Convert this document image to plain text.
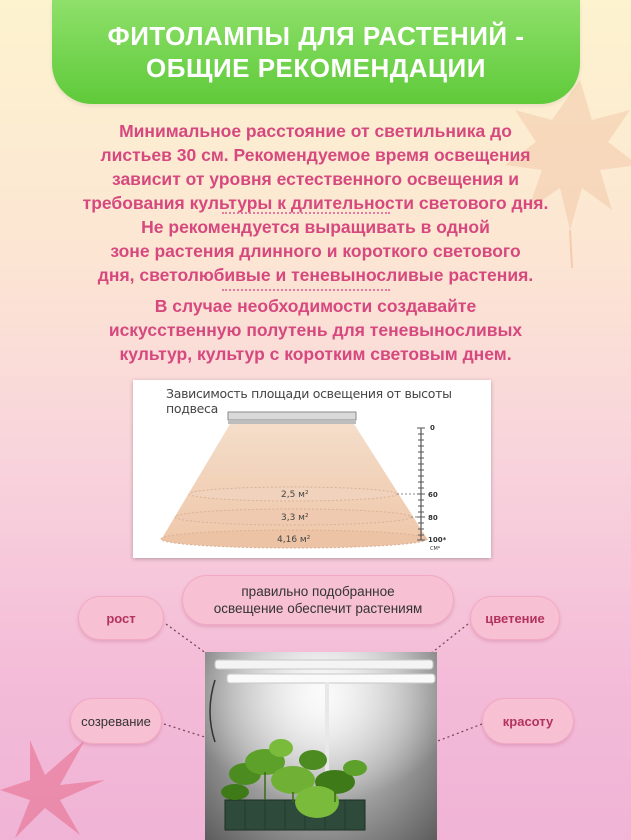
ФИТОЛАМПЫ ДЛЯ РАСТЕНИЙ -
ОБЩИЕ РЕКОМЕНДАЦИИ
Минимальное расстояние от светильника до
листьев 30 см. Рекомендуемое время освещения
зависит от уровня естественного освещения и
требования культуры к длительности светового дня.
Не рекомендуется выращивать в одной
зоне растения длинного и короткого светового
дня, светолюбивые и теневыносливые растения.
В случае необходимости создавайте
искусственную полутень для теневыносливых
культур, культур с коротким световым днем.
Зависимость площади освещения от высоты подвеса
2,5 м²
3,3 м²
4,16 м²
0
60
80
100*
СМ*
правильно подобранное
освещение обеспечит растениям
рост	цветение
созревание	красоту
